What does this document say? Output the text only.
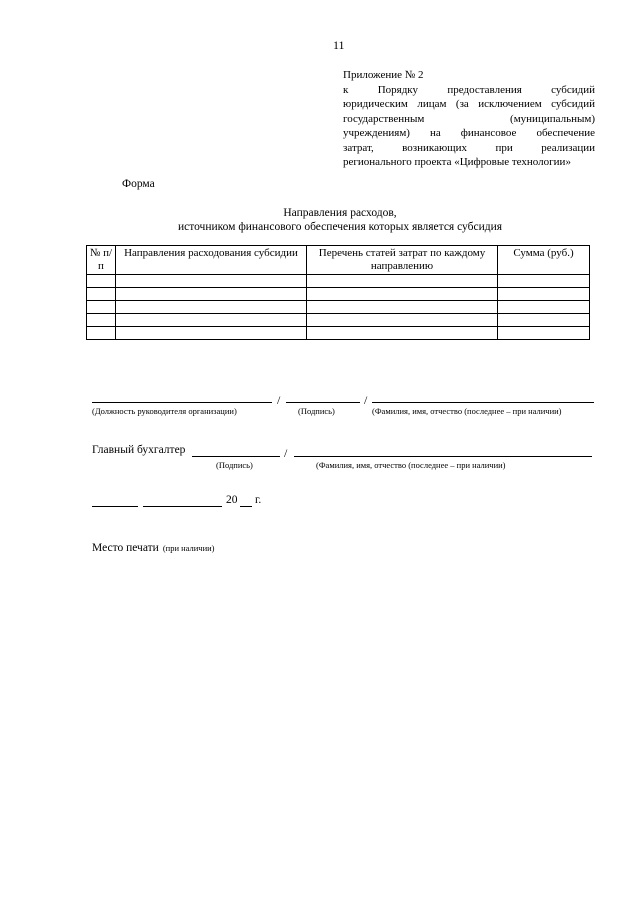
11
Приложение № 2
к Порядку предоставления субсидий
юридическим лицам (за исключением субсидий
государственным (муниципальным)
учреждениям) на финансовое обеспечение
затрат, возникающих при реализации
регионального проекта «Цифровые технологии»
Форма
Направления расходов,
источником финансового обеспечения которых является субсидия
№ п/п	Направления расходования субсидии	Перечень статей затрат по каждому направлению	Сумма (руб.)

/	/
(Должность руководителя организации)	(Подпись)	(Фамилия, имя, отчество (последнее – при наличии)
Главный бухгалтер	/
(Подпись)	(Фамилия, имя, отчество (последнее – при наличии)
20 г.
Место печати (при наличии)
